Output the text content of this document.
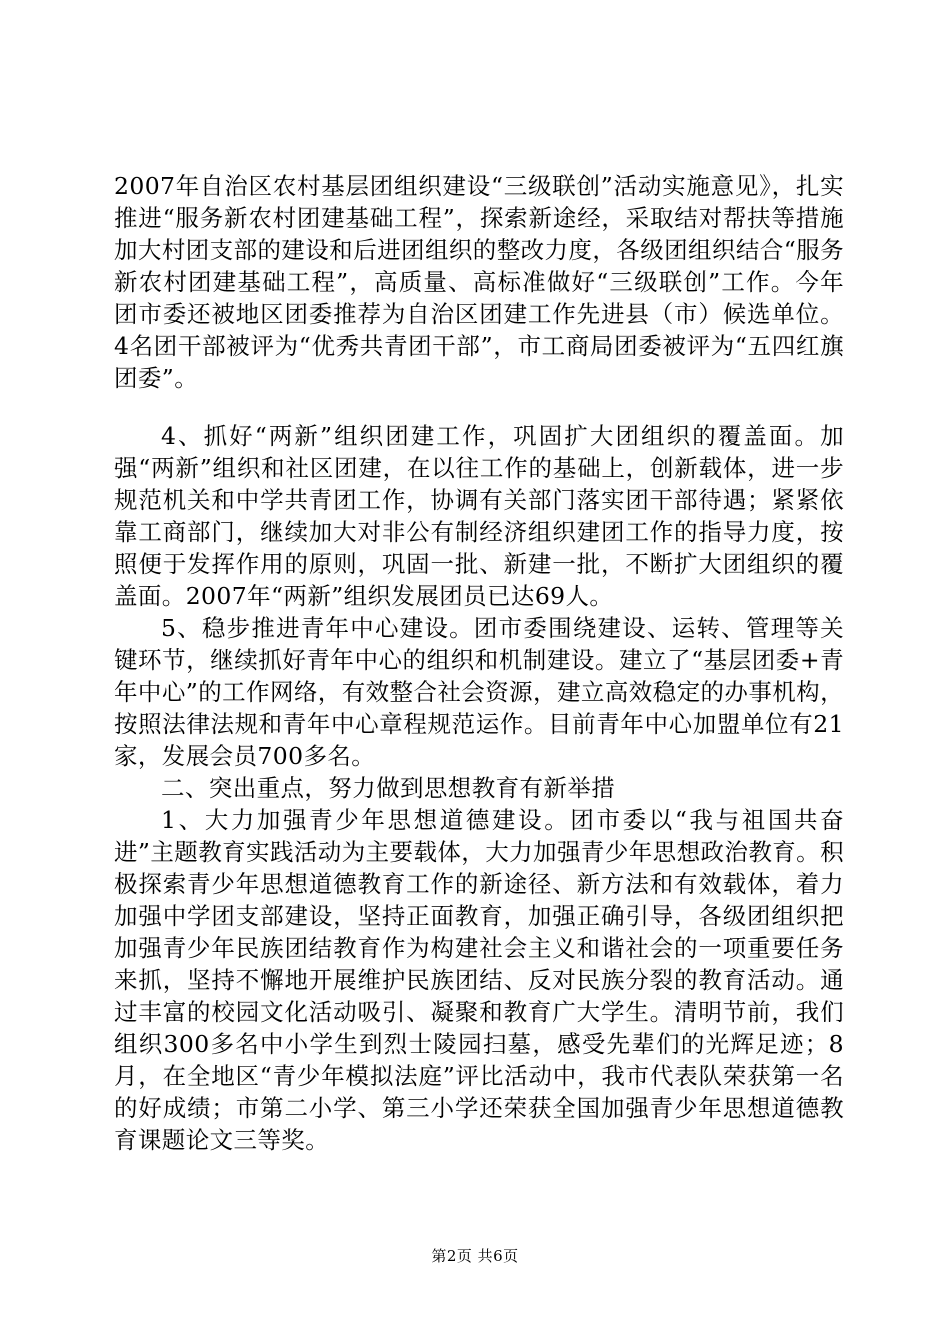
2007年自治区农村基层团组织建设“三级联创”活动实施意见》，扎实推进“服务新农村团建基础工程”，探索新途经，采取结对帮扶等措施加大村团支部的建设和后进团组织的整改力度，各级团组织结合“服务新农村团建基础工程”，高质量、高标准做好“三级联创”工作。今年团市委还被地区团委推荐为自治区团建工作先进县（市）候选单位。4名团干部被评为“优秀共青团干部”，市工商局团委被评为“五四红旗团委”。

4、抓好“两新”组织团建工作，巩固扩大团组织的覆盖面。加强“两新”组织和社区团建，在以往工作的基础上，创新载体，进一步规范机关和中学共青团工作，协调有关部门落实团干部待遇；紧紧依靠工商部门，继续加大对非公有制经济组织建团工作的指导力度，按照便于发挥作用的原则，巩固一批、新建一批，不断扩大团组织的覆盖面。2007年“两新”组织发展团员已达69人。

5、稳步推进青年中心建设。团市委围绕建设、运转、管理等关键环节，继续抓好青年中心的组织和机制建设。建立了“基层团委+青年中心”的工作网络，有效整合社会资源，建立高效稳定的办事机构，按照法律法规和青年中心章程规范运作。目前青年中心加盟单位有21家，发展会员700多名。

二、突出重点，努力做到思想教育有新举措

1、大力加强青少年思想道德建设。团市委以“我与祖国共奋进”主题教育实践活动为主要载体，大力加强青少年思想政治教育。积极探索青少年思想道德教育工作的新途径、新方法和有效载体，着力加强中学团支部建设，坚持正面教育，加强正确引导，各级团组织把加强青少年民族团结教育作为构建社会主义和谐社会的一项重要任务来抓，坚持不懈地开展维护民族团结、反对民族分裂的教育活动。通过丰富的校园文化活动吸引、凝聚和教育广大学生。清明节前，我们组织300多名中小学生到烈士陵园扫墓，感受先辈们的光辉足迹；8月，在全地区“青少年模拟法庭”评比活动中，我市代表队荣获第一名的好成绩；市第二小学、第三小学还荣获全国加强青少年思想道德教育课题论文三等奖。

第2页 共6页
